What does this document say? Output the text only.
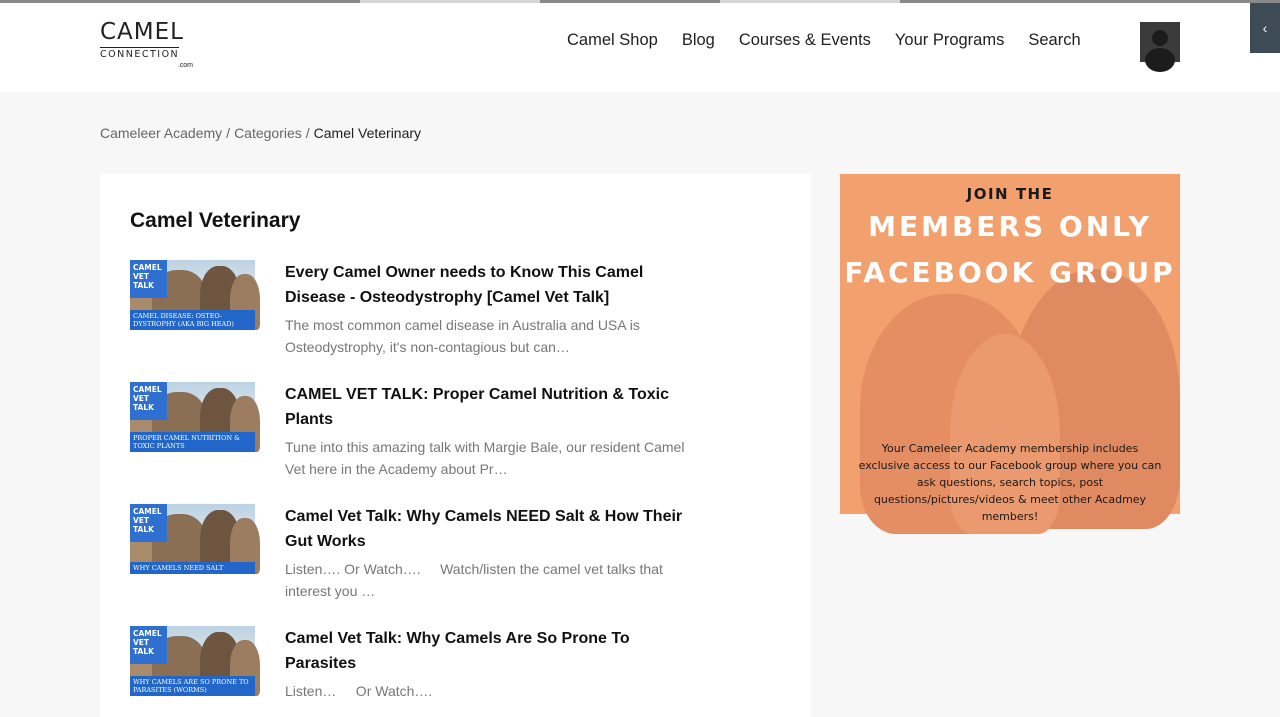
CAMEL
CONNECTION
.com
Camel Shop Blog Courses & Events Your Programs Search
‹
Cameleer Academy / Categories / Camel Veterinary
Camel Veterinary
CAMEL VET TALK
CAMEL DISEASE: OSTEO-DYSTROPHY (AKA BIG HEAD)
Every Camel Owner needs to Know This Camel Disease - Osteodystrophy [Camel Vet Talk]

The most common camel disease in Australia and USA is Osteodystrophy, it's non-contagious but can…

CAMEL VET TALK
PROPER CAMEL NUTRITION & TOXIC PLANTS
CAMEL VET TALK: Proper Camel Nutrition & Toxic Plants

Tune into this amazing talk with Margie Bale, our resident Camel Vet here in the Academy about Pr…

CAMEL VET TALK
WHY CAMELS NEED SALT
Camel Vet Talk: Why Camels NEED Salt & How Their Gut Works

Listen…. Or Watch….     Watch/listen the camel vet talks that interest you …

CAMEL VET TALK
WHY CAMELS ARE SO PRONE TO PARASITES (WORMS)
Camel Vet Talk: Why Camels Are So Prone To Parasites

Listen…     Or Watch….

JOIN THE
MEMBERS ONLY
FACEBOOK GROUP

Your Cameleer Academy membership includes exclusive access to our Facebook group where you can ask questions, search topics, post questions/pictures/videos & meet other Acadmey members!
